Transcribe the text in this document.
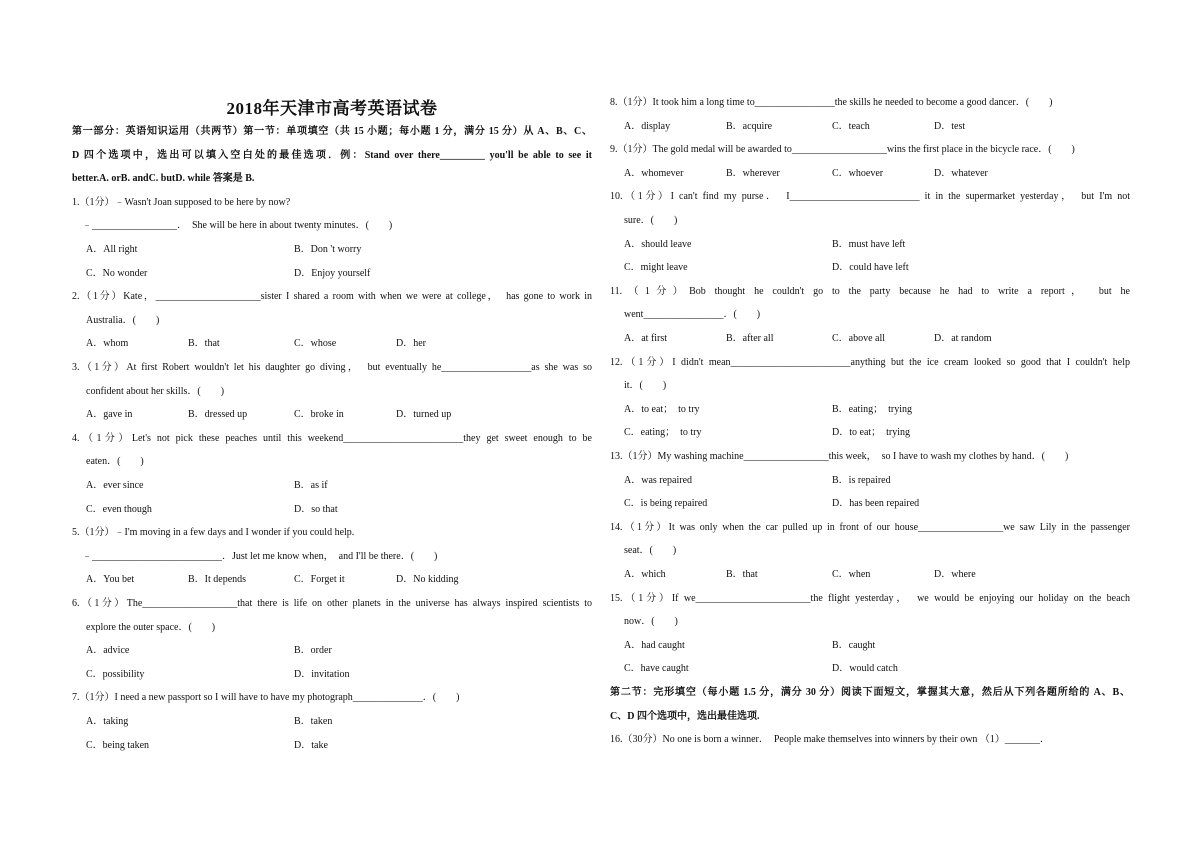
2018年天津市高考英语试卷
第一部分：英语知识运用（共两节）第一节：单项填空（共 15 小题；每小题 1 分，满分 15 分）从 A、B、C、
D 四个选项中，选出可以填入空白处的最佳选项．例：Stand over there_________ you'll be able to see it
better.A. orB. andC. butD. while 答案是 B.
1.（1分）﹣Wasn't Joan supposed to be here by now?
　﹣_________________．　She will be here in about twenty minutes．(　　)
A．All right	B．Don 't worry
C．No wonder	D．Enjoy yourself
2.（1分）Kate，_____________________sister I shared a room with when we were at college，　has gone to work in
Australia．(　　)
A．whom	B．that	C．whose	D．her
3.（1分）At first Robert wouldn't let his daughter go diving，　but eventually he__________________as she was so
confident about her skills．(　　)
A．gave in	B．dressed up	C．broke in	D．turned up
4.（1分）Let's not pick these peaches until this weekend________________________they get sweet enough to be
eaten．(　　)
A．ever since	B．as if
C．even though	D．so that
5.（1分）﹣I'm moving in a few days and I wonder if you could help.
　﹣__________________________．Just let me know when，　and I'll be there．(　　)
A．You bet	B．It depends	C．Forget it	D．No kidding
6.（1分）The___________________that there is life on other planets in the universe has always inspired scientists to
explore the outer space．(　　)
A．advice	B．order
C．possibility	D．invitation
7.（1分）I need a new passport so I will have to have my photograph______________．(　　)
A．taking	B．taken
C．being taken	D．take
8.（1分）It took him a long time to________________the skills he needed to become a good dancer．(　　)
A．display	B．acquire	C．teach	D．test
9.（1分）The gold medal will be awarded to___________________wins the first place in the bicycle race．(　　)
A．whomever	B．wherever	C．whoever	D．whatever
10.（1分）I can't find my purse．　I__________________________ it in the supermarket yesterday，　but I'm not
sure．(　　)
A．should leave	B．must have left
C．might leave	D．could have left
11.（1分）Bob thought he couldn't go to the party because he had to write a report，　but he
went________________．(　　)
A．at first	B．after all	C．above all	D．at random
12.（1分）I didn't mean________________________anything but the ice cream looked so good that I couldn't help
it．(　　)
A．to eat；　to try	B．eating；　trying
C．eating；　to try	D．to eat；　trying
13.（1分）My washing machine_________________this week，　so I have to wash my clothes by hand．(　　)
A．was repaired	B．is repaired
C．is being repaired	D．has been repaired
14.（1分）It was only when the car pulled up in front of our house_________________we saw Lily in the passenger
seat．(　　)
A．which	B．that	C．when	D．where
15.（1分）If we_______________________the flight yesterday，　we would be enjoying our holiday on the beach
now．(　　)
A．had caught	B．caught
C．have caught	D．would catch
第二节：完形填空（每小题 1.5 分，满分 30 分）阅读下面短文，掌握其大意，然后从下列各题所给的 A、B、
C、D 四个选项中，选出最佳选项.
16.（30分）No one is born a winner．　People make themselves into winners by their own （1）_______．
